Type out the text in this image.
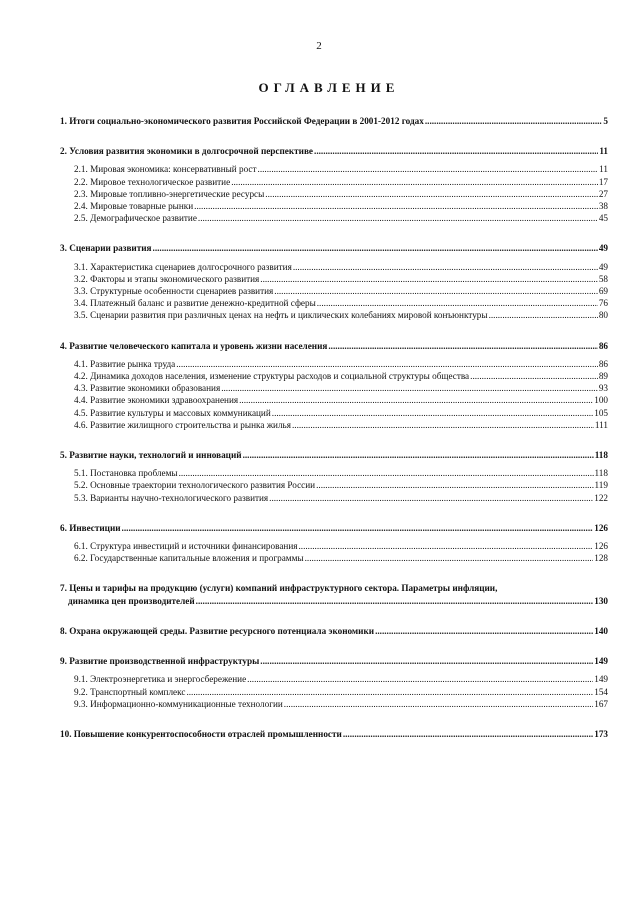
2
ОГЛАВЛЕНИЕ
1. Итоги социально-экономического развития Российской Федерации в 2001-2012 годах .....	5
2. Условия развития экономики в долгосрочной перспективе .....	11
2.1. Мировая экономика: консервативный рост .....	11
2.2. Мировое технологическое развитие .....	17
2.3. Мировые топливно-энергетические ресурсы .....	27
2.4. Мировые товарные рынки .....	38
2.5. Демографическое развитие .....	45
3. Сценарии развития .....	49
3.1. Характеристика сценариев долгосрочного развития .....	49
3.2. Факторы и этапы экономического развития .....	58
3.3. Структурные особенности сценариев развития .....	69
3.4. Платежный баланс и развитие денежно-кредитной сферы .....	76
3.5. Сценарии развития при различных ценах на нефть и циклических колебаниях мировой конъюнктуры .....	80
4. Развитие человеческого капитала и уровень жизни населения .....	86
4.1. Развитие рынка труда .....	86
4.2. Динамика доходов населения, изменение структуры расходов и социальной структуры общества .....	89
4.3. Развитие экономики образования .....	93
4.4. Развитие экономики здравоохранения .....	100
4.5. Развитие культуры и массовых коммуникаций .....	105
4.6. Развитие жилищного строительства и рынка жилья .....	111
5. Развитие науки, технологий и инноваций .....	118
5.1. Постановка проблемы .....	118
5.2. Основные траектории технологического развития России .....	119
5.3. Варианты научно-технологического развития .....	122
6. Инвестиции .....	126
6.1. Структура инвестиций и источники финансирования .....	126
6.2. Государственные капитальные вложения и программы .....	128
7. Цены и тарифы на продукцию (услуги) компаний инфраструктурного сектора. Параметры инфляции,
динамика цен производителей .....	130
8. Охрана окружающей среды. Развитие ресурсного потенциала экономики .....	140
9. Развитие производственной инфраструктуры .....	149
9.1. Электроэнергетика и энергосбережение .....	149
9.2. Транспортный комплекс .....	154
9.3. Информационно-коммуникационные технологии .....	167
10. Повышение конкурентоспособности отраслей промышленности .....	173
